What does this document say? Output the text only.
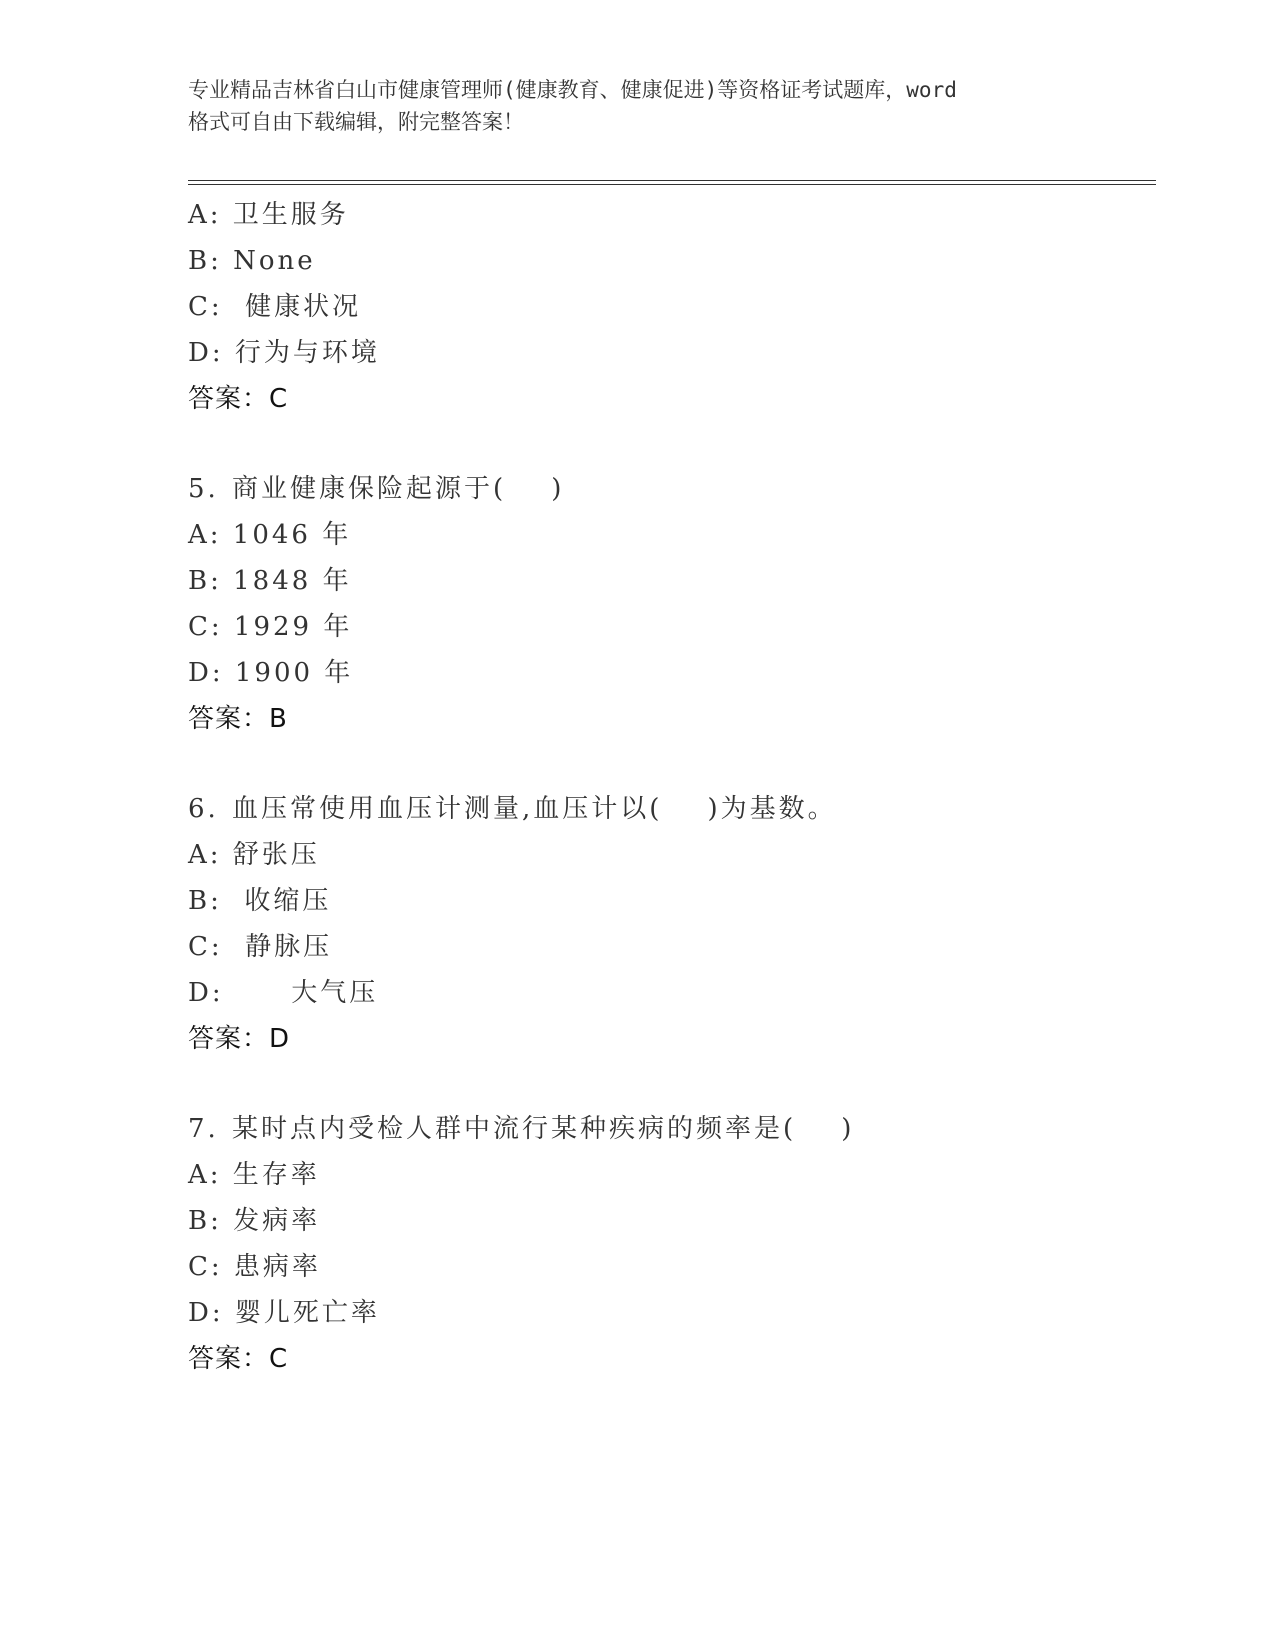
专业精品吉林省白山市健康管理师(健康教育、健康促进)等资格证考试题库，word
格式可自由下载编辑，附完整答案！
A: 卫生服务
B: None
C:  健康状况
D: 行为与环境
答案：C
5. 商业健康保险起源于(    )
A: 1046 年
B: 1848 年
C: 1929 年
D: 1900 年
答案：B
6. 血压常使用血压计测量,血压计以(    )为基数。
A: 舒张压
B:  收缩压
C:  静脉压
D:      大气压
答案：D
7. 某时点内受检人群中流行某种疾病的频率是(    )
A: 生存率
B: 发病率
C: 患病率
D: 婴儿死亡率
答案：C
